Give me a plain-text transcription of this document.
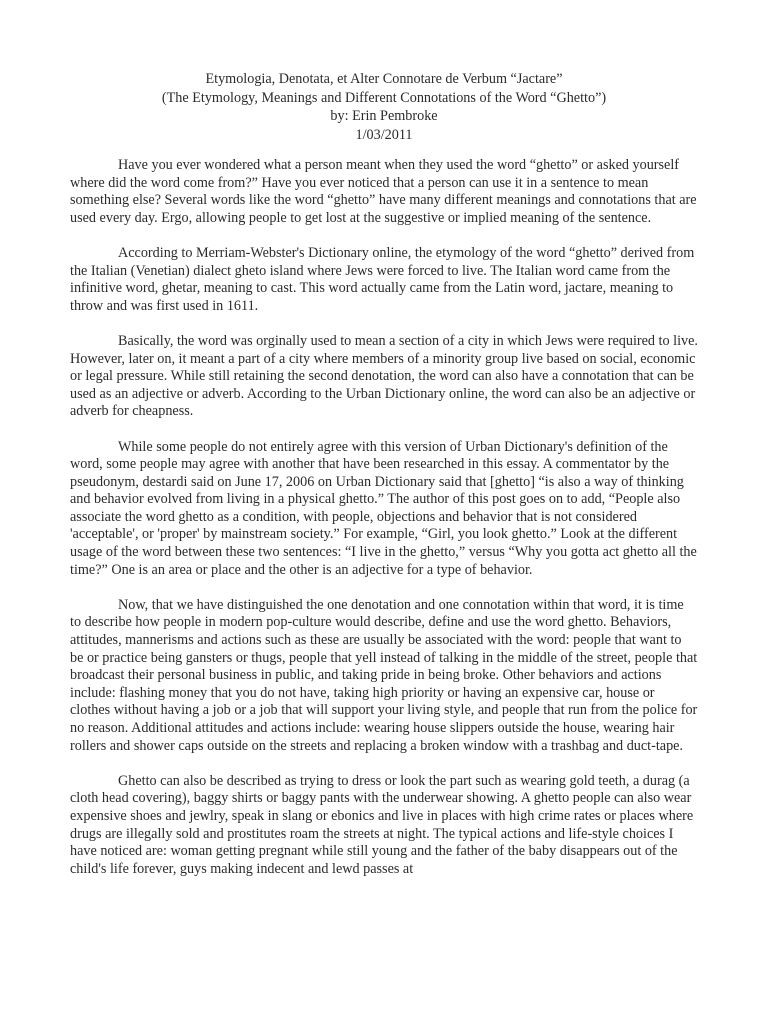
Etymologia, Denotata, et Alter Connotare de Verbum “Jactare”
(The Etymology, Meanings and Different Connotations of the Word “Ghetto”)
by: Erin Pembroke
1/03/2011

Have you ever wondered what a person meant when they used the word “ghetto” or asked yourself where did the word come from?” Have you ever noticed that a person can use it in a sentence to mean something else? Several words like the word “ghetto” have many different meanings and connotations that are used every day. Ergo, allowing people to get lost at the suggestive or implied meaning of the sentence.

According to Merriam-Webster's Dictionary online, the etymology of the word “ghetto” derived from the Italian (Venetian) dialect gheto island where Jews were forced to live. The Italian word came from the infinitive word, ghetar, meaning to cast. This word actually came from the Latin word, jactare, meaning to throw and was first used in 1611.

Basically, the word was orginally used to mean a section of a city in which Jews were required to live. However, later on, it meant a part of a city where members of a minority group live based on social, economic or legal pressure. While still retaining the second denotation, the word can also have a connotation that can be used as an adjective or adverb. According to the Urban Dictionary online, the word can also be an adjective or adverb for cheapness.

While some people do not entirely agree with this version of Urban Dictionary's definition of the word, some people may agree with another that have been researched in this essay. A commentator by the pseudonym, destardi said on June 17, 2006 on Urban Dictionary said that [ghetto] “is also a way of thinking and behavior evolved from living in a physical ghetto.” The author of this post goes on to add, “People also associate the word ghetto as a condition, with people, objections and behavior that is not considered 'acceptable', or 'proper' by mainstream society.” For example, “Girl, you look ghetto.” Look at the different usage of the word between these two sentences: “I live in the ghetto,” versus “Why you gotta act ghetto all the time?” One is an area or place and the other is an adjective for a type of behavior.

Now, that we have distinguished the one denotation and one connotation within that word, it is time to describe how people in modern pop-culture would describe, define and use the word ghetto. Behaviors, attitudes, mannerisms and actions such as these are usually be associated with the word: people that want to be or practice being gansters or thugs, people that yell instead of talking in the middle of the street, people that broadcast their personal business in public, and taking pride in being broke. Other behaviors and actions include: flashing money that you do not have, taking high priority or having an expensive car, house or clothes without having a job or a job that will support your living style, and people that run from the police for no reason. Additional attitudes and actions include: wearing house slippers outside the house, wearing hair rollers and shower caps outside on the streets and replacing a broken window with a trashbag and duct-tape.

Ghetto can also be described as trying to dress or look the part such as wearing gold teeth, a durag (a cloth head covering), baggy shirts or baggy pants with the underwear showing. A ghetto people can also wear expensive shoes and jewlry, speak in slang or ebonics and live in places with high crime rates or places where drugs are illegally sold and prostitutes roam the streets at night. The typical actions and life-style choices I have noticed are: woman getting pregnant while still young and the father of the baby disappears out of the child's life forever, guys making indecent and lewd passes at
